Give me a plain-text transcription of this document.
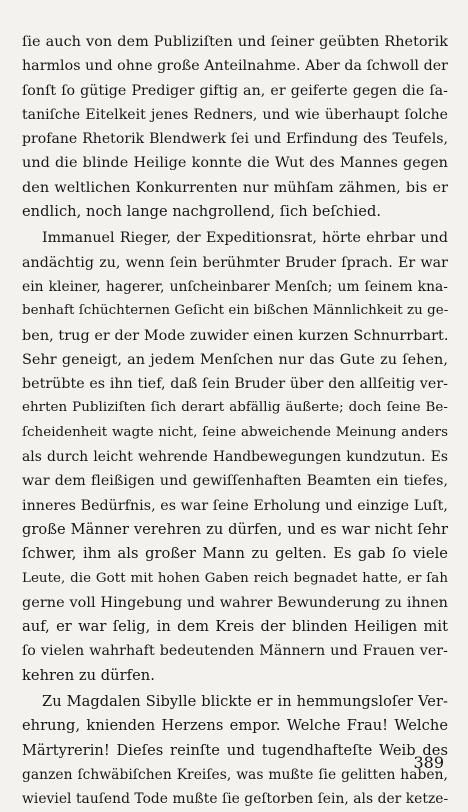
ſie auch von dem Publiziſten und ſeiner geübten Rhetorik
harmlos und ohne große Anteilnahme. Aber da ſchwoll der
ſonſt ſo gütige Prediger giftig an, er geiferte gegen die ſa-
taniſche Eitelkeit jenes Redners, und wie überhaupt ſolche
profane Rhetorik Blendwerk ſei und Erfindung des Teufels,
und die blinde Heilige konnte die Wut des Mannes gegen
den weltlichen Konkurrenten nur mühſam zähmen, bis er
endlich, noch lange nachgrollend, ſich beſchied.
Immanuel Rieger, der Expeditionsrat, hörte ehrbar und
andächtig zu, wenn ſein berühmter Bruder ſprach. Er war
ein kleiner, hagerer, unſcheinbarer Menſch; um ſeinem kna-
benhaft ſchüchternen Geſicht ein bißchen Männlichkeit zu ge-
ben, trug er der Mode zuwider einen kurzen Schnurrbart.
Sehr geneigt, an jedem Menſchen nur das Gute zu ſehen,
betrübte es ihn tief, daß ſein Bruder über den allſeitig ver-
ehrten Publiziſten ſich derart abfällig äußerte; doch ſeine Be-
ſcheidenheit wagte nicht, ſeine abweichende Meinung anders
als durch leicht wehrende Handbewegungen kundzutun. Es
war dem fleißigen und gewiſſenhaften Beamten ein tiefes,
inneres Bedürfnis, es war ſeine Erholung und einzige Luſt,
große Männer verehren zu dürfen, und es war nicht ſehr
ſchwer, ihm als großer Mann zu gelten. Es gab ſo viele
Leute, die Gott mit hohen Gaben reich begnadet hatte, er ſah
gerne voll Hingebung und wahrer Bewunderung zu ihnen
auf, er war ſelig, in dem Kreis der blinden Heiligen mit
ſo vielen wahrhaft bedeutenden Männern und Frauen ver-
kehren zu dürfen.
Zu Magdalen Sibylle blickte er in hemmungsloſer Ver-
ehrung, knienden Herzens empor. Welche Frau! Welche
Märtyrerin! Dieſes reinſte und tugendhafteſte Weib des
ganzen ſchwäbiſchen Kreiſes, was mußte ſie gelitten haben,
wieviel tauſend Tode mußte ſie geſtorben ſein, als der ketze-
389
